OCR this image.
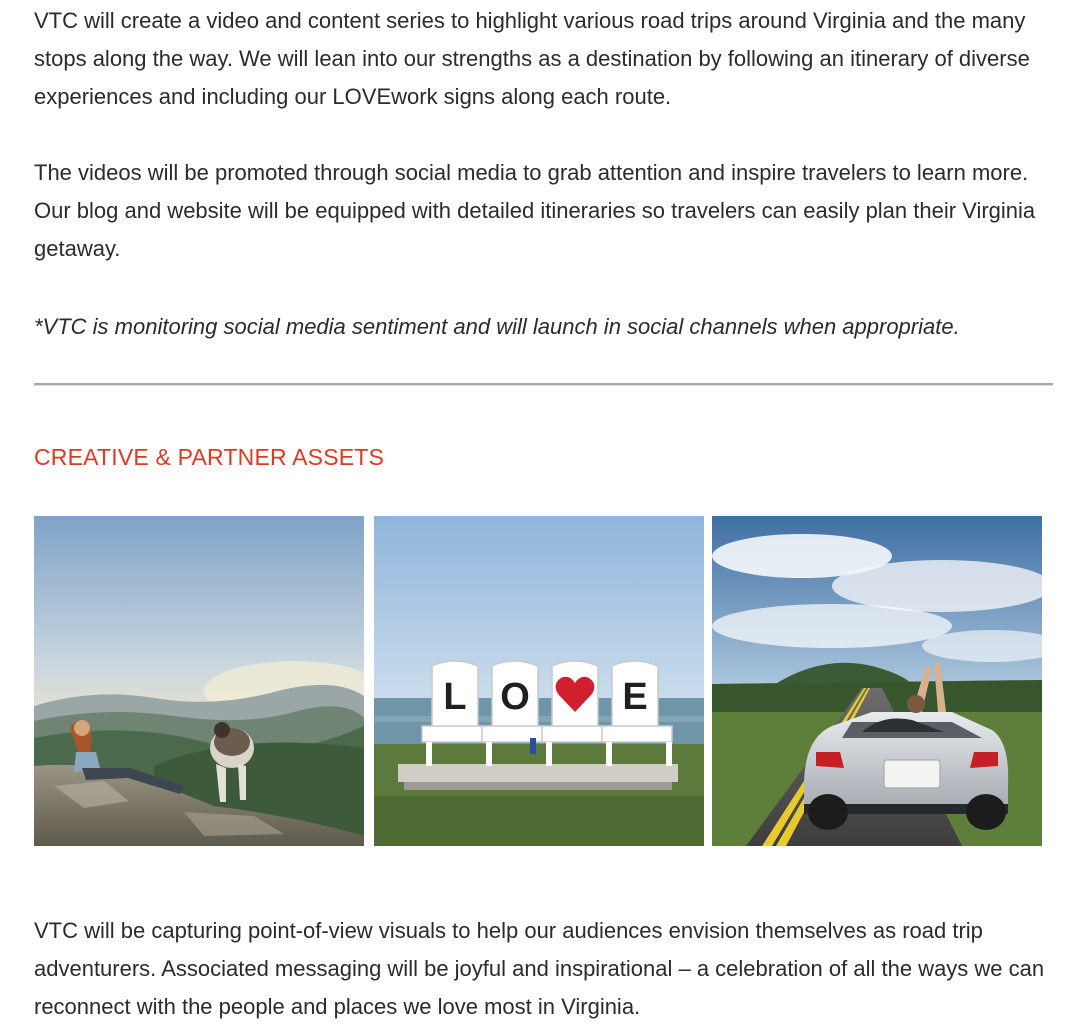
VTC will create a video and content series to highlight various road trips around Virginia and the many stops along the way. We will lean into our strengths as a destination by following an itinerary of diverse experiences and including our LOVEwork signs along each route.

The videos will be promoted through social media to grab attention and inspire travelers to learn more. Our blog and website will be equipped with detailed itineraries so travelers can easily plan their Virginia getaway.

*VTC is monitoring social media sentiment and will launch in social channels when appropriate.

CREATIVE & PARTNER ASSETS
L O E

VTC will be capturing point-of-view visuals to help our audiences envision themselves as road trip adventurers. Associated messaging will be joyful and inspirational – a celebration of all the ways we can reconnect with the people and places we love most in Virginia.
